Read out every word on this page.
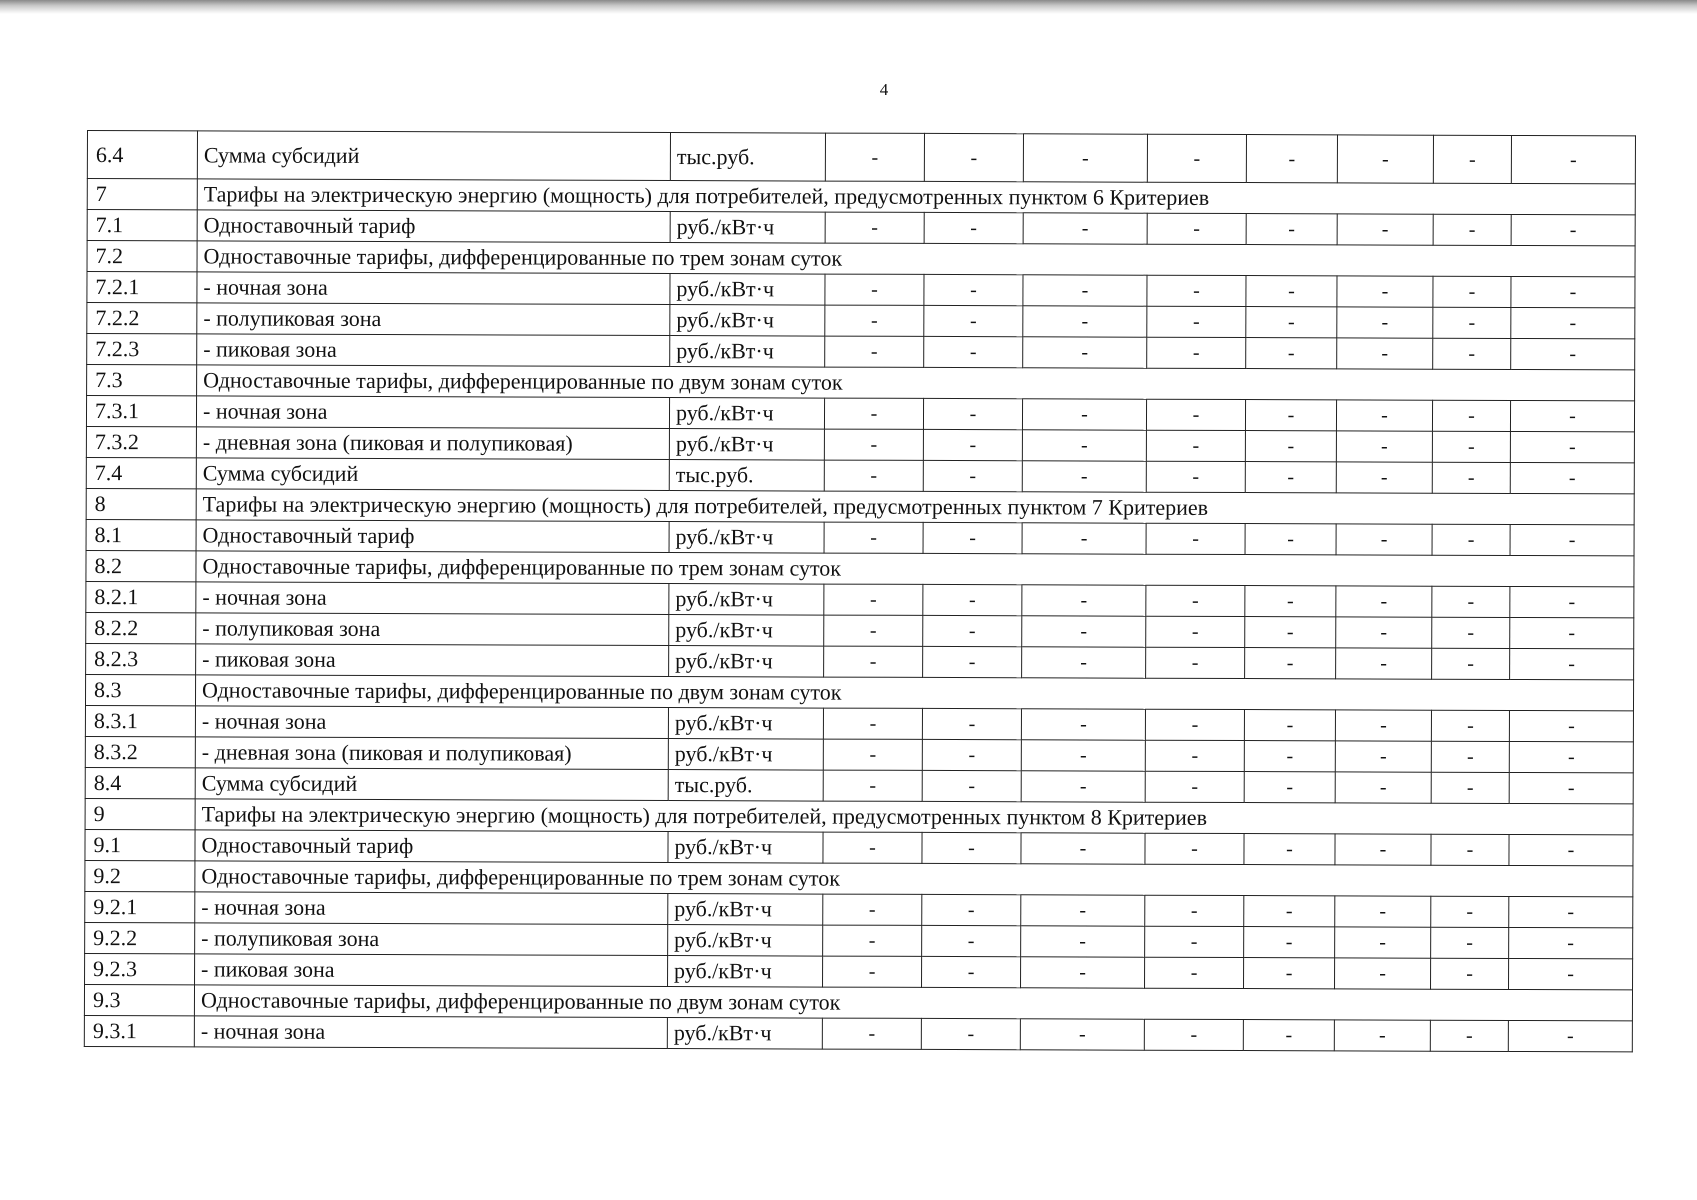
4
6.4	Сумма субсидий	тыс.руб.	-	-	-	-	-	-	-	-
7	Тарифы на электрическую энергию (мощность) для потребителей, предусмотренных пунктом 6 Критериев									
7.1	Одноставочный тариф	руб./кВт·ч	-	-	-	-	-	-	-	-
7.2	Одноставочные тарифы, дифференцированные по трем зонам суток									
7.2.1	- ночная зона	руб./кВт·ч	-	-	-	-	-	-	-	-
7.2.2	- полупиковая зона	руб./кВт·ч	-	-	-	-	-	-	-	-
7.2.3	- пиковая зона	руб./кВт·ч	-	-	-	-	-	-	-	-
7.3	Одноставочные тарифы, дифференцированные по двум зонам суток									
7.3.1	- ночная зона	руб./кВт·ч	-	-	-	-	-	-	-	-
7.3.2	- дневная зона (пиковая и полупиковая)	руб./кВт·ч	-	-	-	-	-	-	-	-
7.4	Сумма субсидий	тыс.руб.	-	-	-	-	-	-	-	-
8	Тарифы на электрическую энергию (мощность) для потребителей, предусмотренных пунктом 7 Критериев									
8.1	Одноставочный тариф	руб./кВт·ч	-	-	-	-	-	-	-	-
8.2	Одноставочные тарифы, дифференцированные по трем зонам суток									
8.2.1	- ночная зона	руб./кВт·ч	-	-	-	-	-	-	-	-
8.2.2	- полупиковая зона	руб./кВт·ч	-	-	-	-	-	-	-	-
8.2.3	- пиковая зона	руб./кВт·ч	-	-	-	-	-	-	-	-
8.3	Одноставочные тарифы, дифференцированные по двум зонам суток									
8.3.1	- ночная зона	руб./кВт·ч	-	-	-	-	-	-	-	-
8.3.2	- дневная зона (пиковая и полупиковая)	руб./кВт·ч	-	-	-	-	-	-	-	-
8.4	Сумма субсидий	тыс.руб.	-	-	-	-	-	-	-	-
9	Тарифы на электрическую энергию (мощность) для потребителей, предусмотренных пунктом 8 Критериев									
9.1	Одноставочный тариф	руб./кВт·ч	-	-	-	-	-	-	-	-
9.2	Одноставочные тарифы, дифференцированные по трем зонам суток									
9.2.1	- ночная зона	руб./кВт·ч	-	-	-	-	-	-	-	-
9.2.2	- полупиковая зона	руб./кВт·ч	-	-	-	-	-	-	-	-
9.2.3	- пиковая зона	руб./кВт·ч	-	-	-	-	-	-	-	-
9.3	Одноставочные тарифы, дифференцированные по двум зонам суток									
9.3.1	- ночная зона	руб./кВт·ч	-	-	-	-	-	-	-	-
